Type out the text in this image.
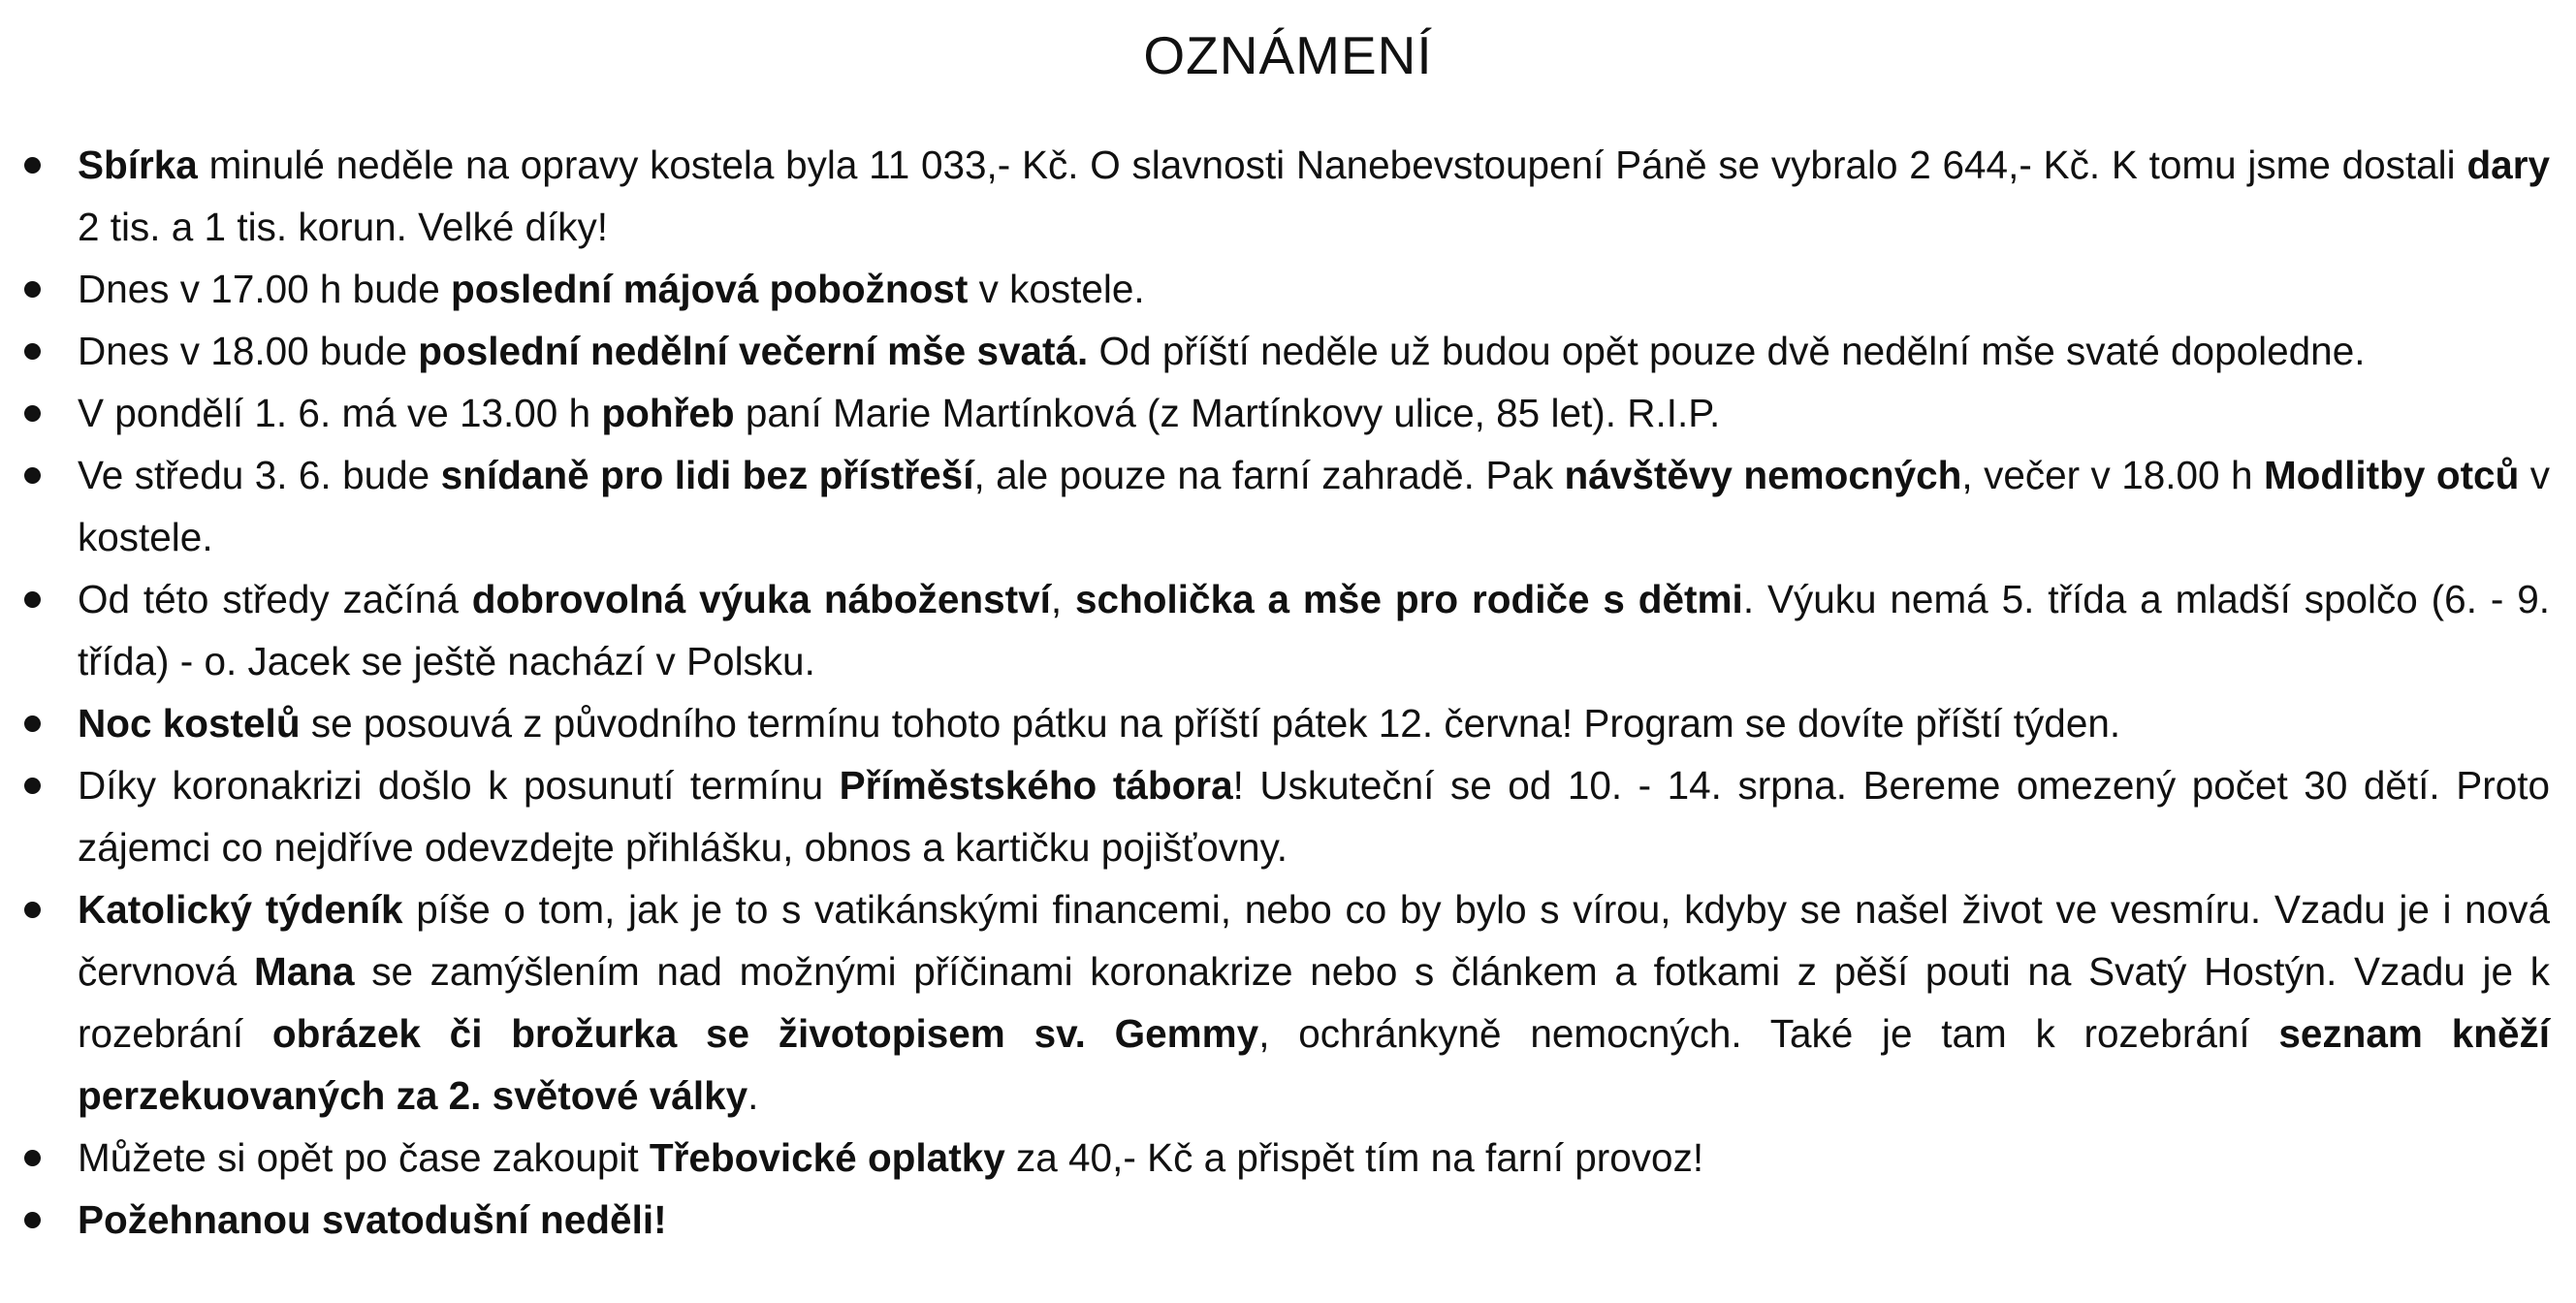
OZNÁMENÍ
Sbírka minulé neděle na opravy kostela byla 11 033,- Kč. O slavnosti Nanebevstoupení Páně se vybralo 2 644,- Kč. K tomu jsme dostali dary 2 tis. a 1 tis. korun. Velké díky!
Dnes v 17.00 h bude poslední májová pobožnost v kostele.
Dnes v 18.00 bude poslední nedělní večerní mše svatá. Od příští neděle už budou opět pouze dvě nedělní mše svaté dopoledne.
V pondělí 1. 6. má ve 13.00 h pohřeb paní Marie Martínková (z Martínkovy ulice, 85 let). R.I.P.
Ve středu 3. 6. bude snídaně pro lidi bez přístřeší, ale pouze na farní zahradě. Pak návštěvy nemocných, večer v 18.00 h Modlitby otců v kostele.
Od této středy začíná dobrovolná výuka náboženství, scholička a mše pro rodiče s dětmi. Výuku nemá 5. třída a mladší spolčo (6. - 9. třída) - o. Jacek se ještě nachází v Polsku.
Noc kostelů se posouvá z původního termínu tohoto pátku na příští pátek 12. června! Program se dovíte příští týden.
Díky koronakrizi došlo k posunutí termínu Příměstského tábora! Uskuteční se od 10. - 14. srpna. Bereme omezený počet 30 dětí. Proto zájemci co nejdříve odevzdejte přihlášku, obnos a kartičku pojišťovny.
Katolický týdeník píše o tom, jak je to s vatikánskými financemi, nebo co by bylo s vírou, kdyby se našel život ve vesmíru. Vzadu je i nová červnová Mana se zamýšlením nad možnými příčinami koronakrize nebo s článkem a fotkami z pěší pouti na Svatý Hostýn. Vzadu je k rozebrání obrázek či brožurka se životopisem sv. Gemmy, ochránkyně nemocných. Také je tam k rozebrání seznam kněží perzekuovaných za 2. světové války.
Můžete si opět po čase zakoupit Třebovické oplatky za 40,- Kč a přispět tím na farní provoz!
Požehnanou svatodušní neděli!
